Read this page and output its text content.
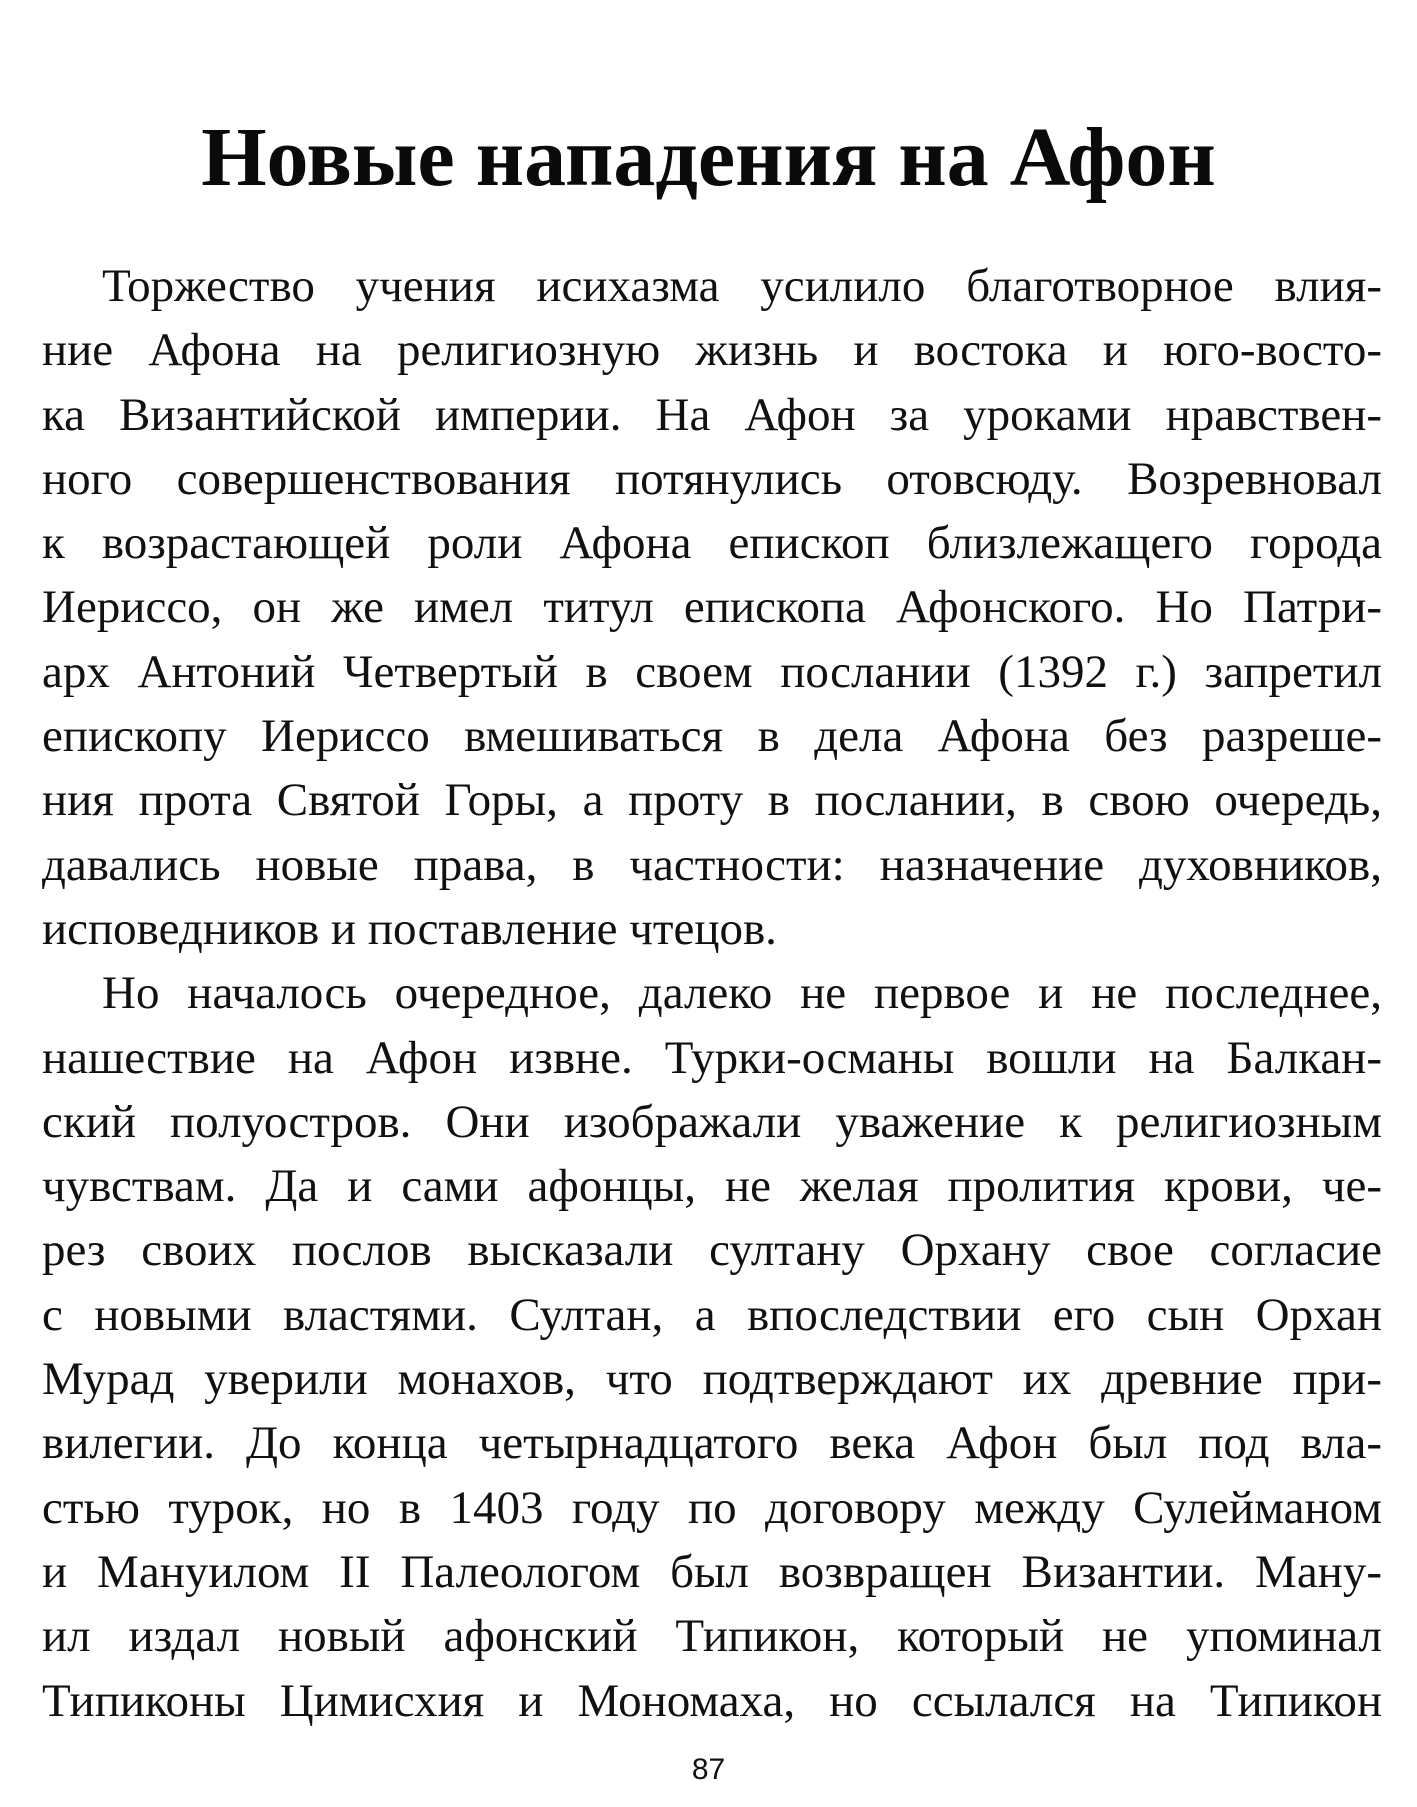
Новые нападения на Афон
Торжество учения исихазма усилило благотворное влия-
ние Афона на религиозную жизнь и востока и юго-восто-
ка Византийской империи. На Афон за уроками нравствен-
ного совершенствования потянулись отовсюду. Возревновал
к возрастающей роли Афона епископ близлежащего города
Иериссо, он же имел титул епископа Афонского. Но Патри-
арх Антоний Четвертый в своем послании (1392 г.) запретил
епископу Иериссо вмешиваться в дела Афона без разреше-
ния прота Святой Горы, а проту в послании, в свою очередь,
давались новые права, в частности: назначение духовников,
исповедников и поставление чтецов.
Но началось очередное, далеко не первое и не последнее,
нашествие на Афон извне. Турки-османы вошли на Балкан-
ский полуостров. Они изображали уважение к религиозным
чувствам. Да и сами афонцы, не желая пролития крови, че-
рез своих послов высказали султану Орхану свое согласие
с новыми властями. Султан, а впоследствии его сын Орхан
Мурад уверили монахов, что подтверждают их древние при-
вилегии. До конца четырнадцатого века Афон был под вла-
стью турок, но в 1403 году по договору между Сулейманом
и Мануилом II Палеологом был возвращен Византии. Ману-
ил издал новый афонский Типикон, который не упоминал
Типиконы Цимисхия и Мономаха, но ссылался на Типикон
87
